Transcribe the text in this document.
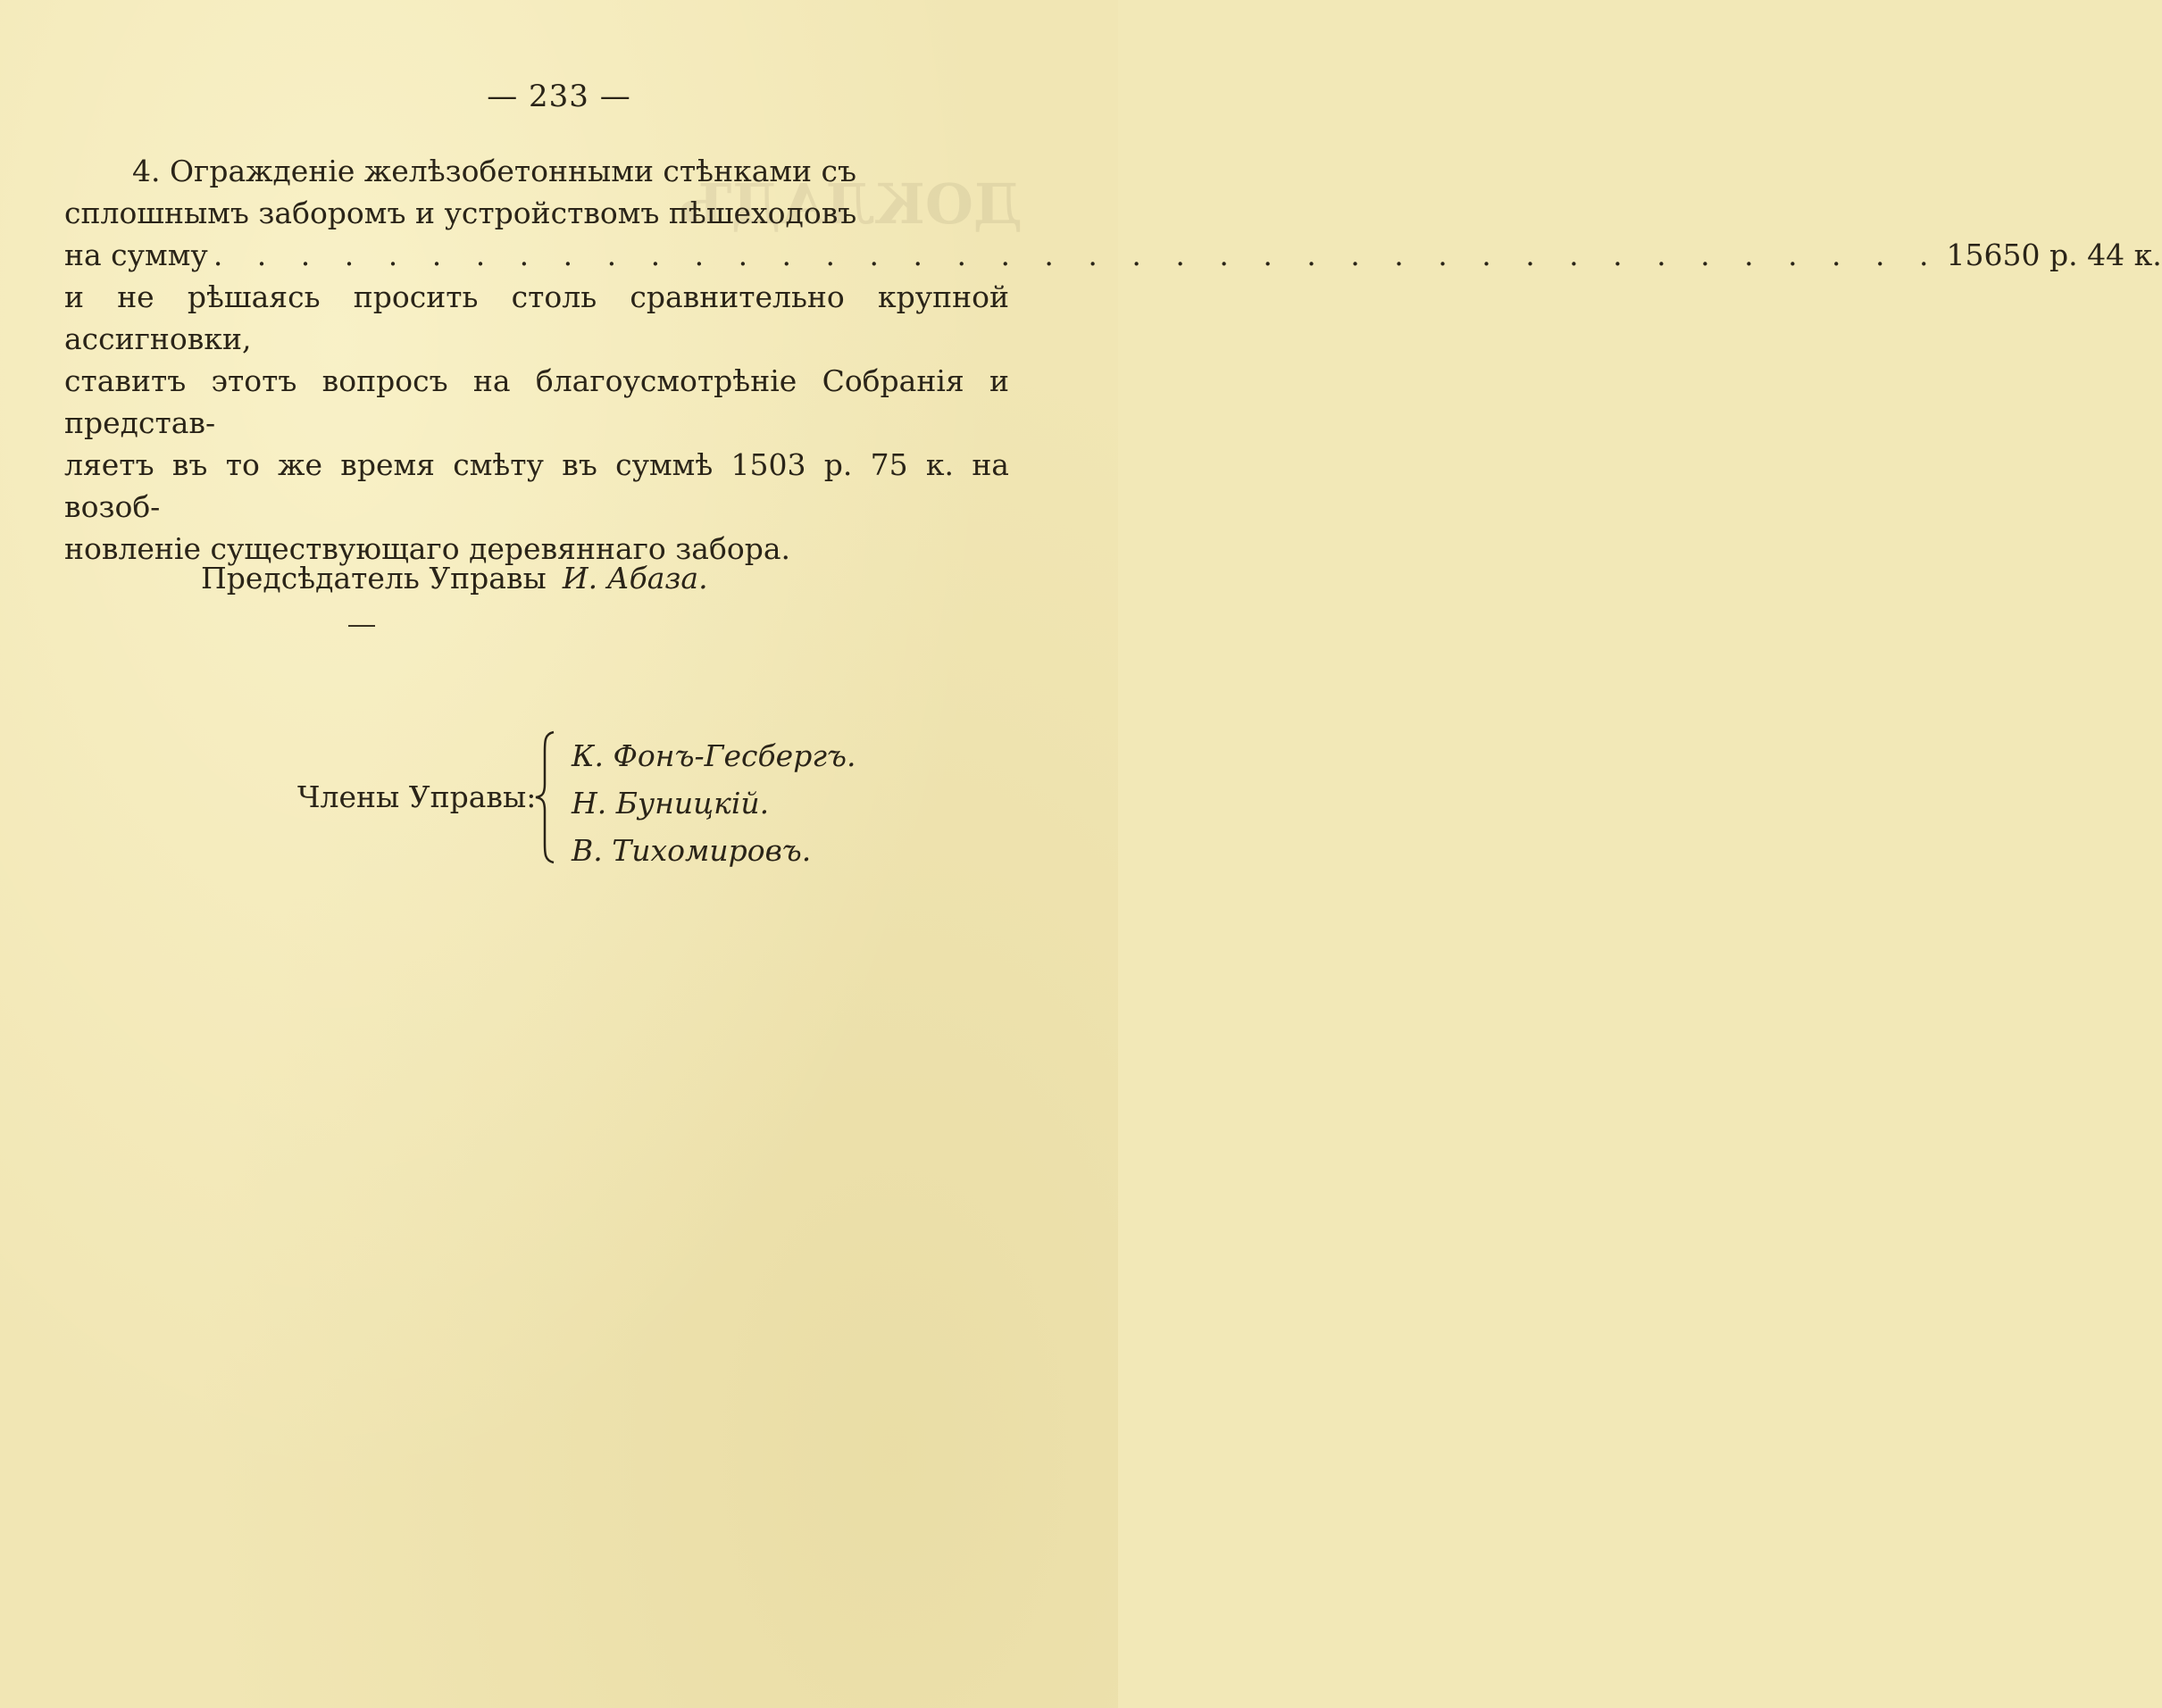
ДОКЛАДЪ

— 233 —
4. Огражденіе желѣзобетонными стѣнками съ
сплошнымъ заборомъ и устройствомъ пѣшеходовъ
на сумму . . . . . . . . . . . . . . . . . . . . . . . . . . . . . . . . . . . . . . . . 15650 р. 44 к.
и не рѣшаясь просить столь сравнительно крупной ассигновки,
ставитъ этотъ вопросъ на благоусмотрѣніе Собранія и представ-
ляетъ въ то же время смѣту въ суммѣ 1503 р. 75 к. на возоб-
новленіе существующаго деревяннаго забора.
Предсѣдатель Управы И. Абаза.
Члены Управы:
К. Фонъ-Гесбергъ.
Н. Буницкій.
В. Тихомировъ.
